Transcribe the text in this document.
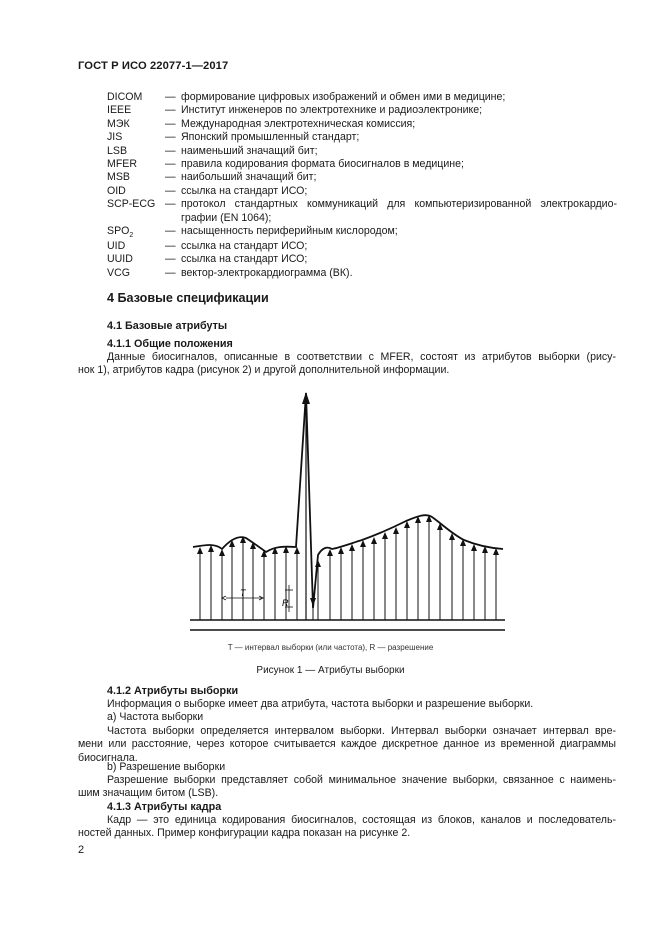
ГОСТ Р ИСО 22077-1—2017
DICOM	— формирование цифровых изображений и обмен ими в медицине;
IEEE	— Институт инженеров по электротехнике и радиоэлектронике;
МЭК	— Международная электротехническая комиссия;
JIS	— Японский промышленный стандарт;
LSB	— наименьший значащий бит;
MFER	— правила кодирования формата биосигналов в медицине;
MSB	— наибольший значащий бит;
OID	— ссылка на стандарт ИСО;
SCP-ECG — протокол стандартных коммуникаций для компьютеризированной электрокардио-
графии (EN 1064);
$SPO_2$	— насыщенность периферийным кислородом;
UID	— ссылка на стандарт ИСО;
UUID	— ссылка на стандарт ИСО;
VCG	— вектор-электрокардиограмма (ВК).
4 Базовые спецификации
4.1 Базовые атрибуты
4.1.1 Общие положения
Данные биосигналов, описанные в соответствии с MFER, состоят из атрибутов выборки (рису-
нок 1), атрибутов кадра (рисунок 2) и другой дополнительной информации.
T
R
T — интервал выборки (или частота), R — разрешение
Рисунок 1 — Атрибуты выборки
4.1.2 Атрибуты выборки
Информация о выборке имеет два атрибута, частота выборки и разрешение выборки.
а) Частота выборки
Частота выборки определяется интервалом выборки. Интервал выборки означает интервал вре-
мени или расстояние, через которое считывается каждое дискретное данное из временной диаграммы
биосигнала.
b) Разрешение выборки
Разрешение выборки представляет собой минимальное значение выборки, связанное с наимень-
шим значащим битом (LSB).
4.1.3 Атрибуты кадра
Кадр — это единица кодирования биосигналов, состоящая из блоков, каналов и последователь-
ностей данных. Пример конфигурации кадра показан на рисунке 2.
2
